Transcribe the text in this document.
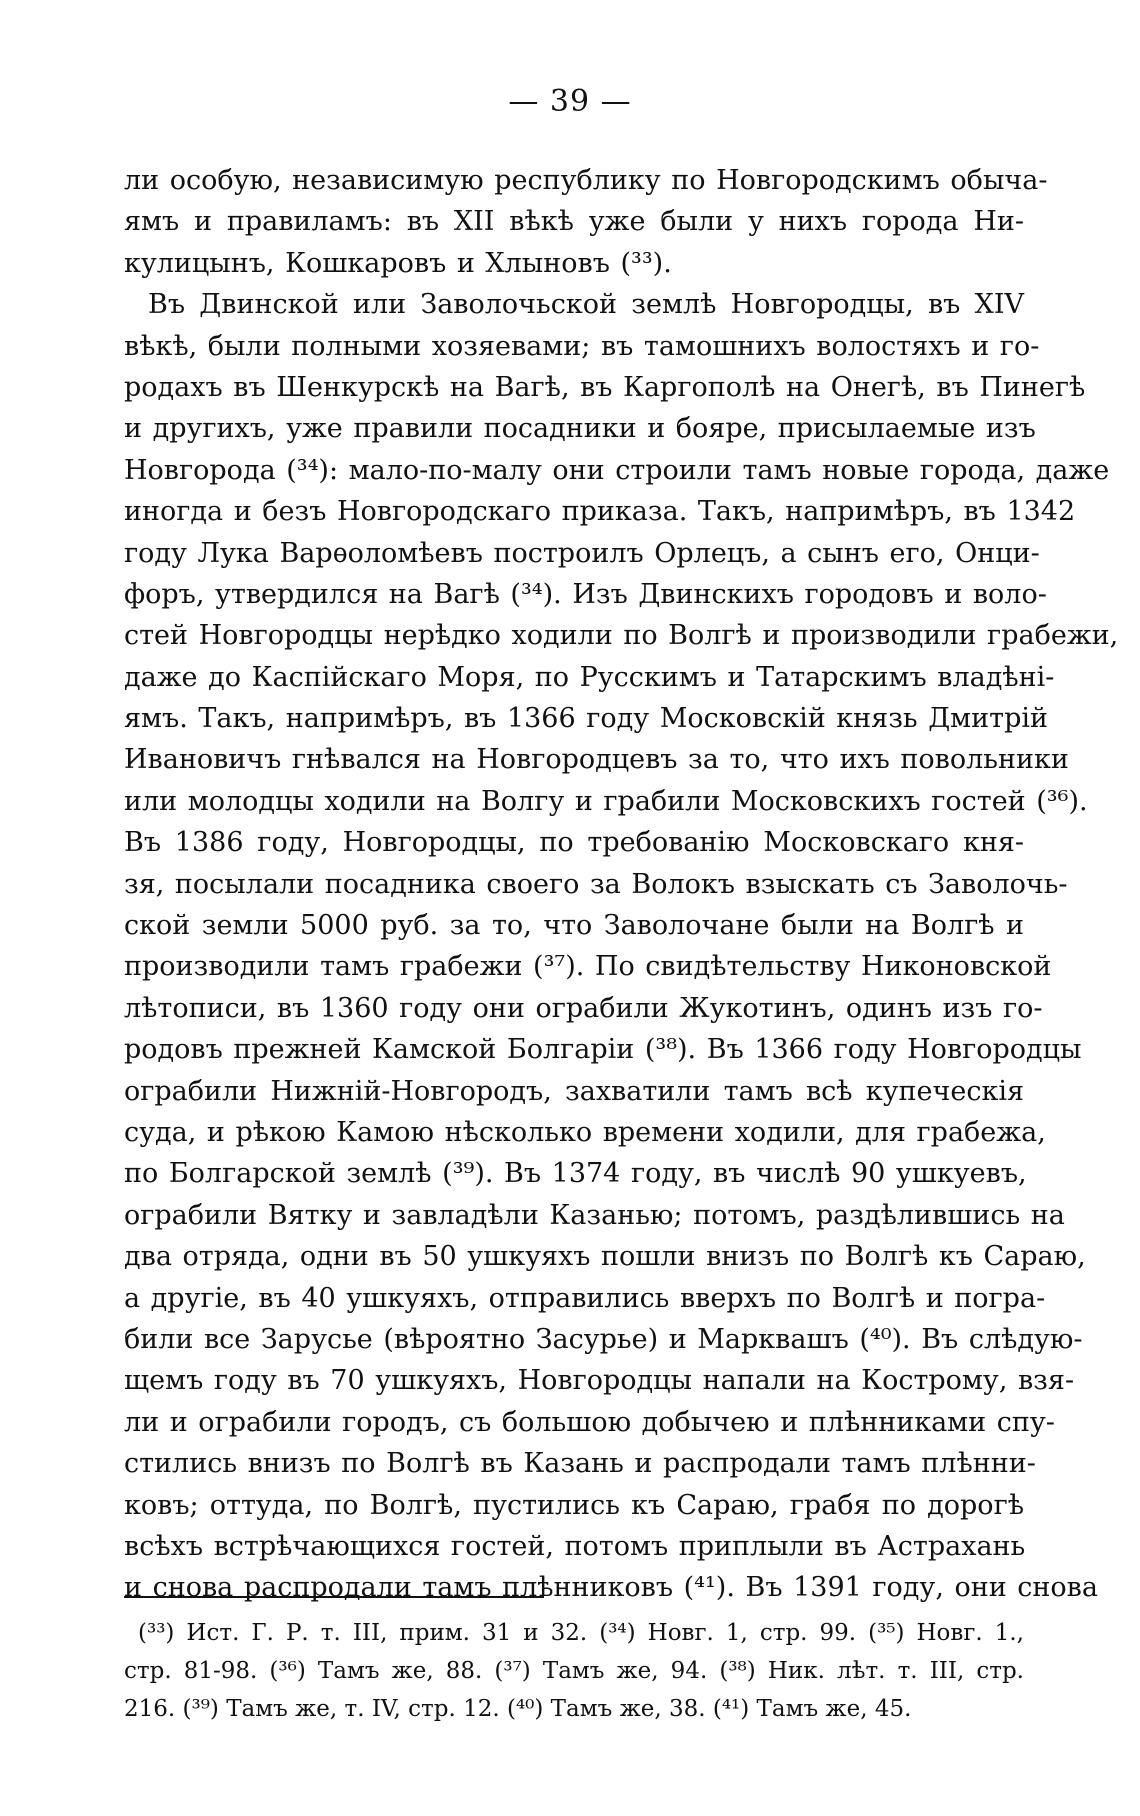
— 39 —
ли особую, независимую республику по Новгородскимъ обыча-
ямъ и правиламъ: въ XII вѣкѣ уже были у нихъ города Ни-
кулицынъ, Кошкаровъ и Хлыновъ (³³).
Въ Двинской или Заволочьской землѣ Новгородцы, въ XIV
вѣкѣ, были полными хозяевами; въ тамошнихъ волостяхъ и го-
родахъ въ Шенкурскѣ на Вагѣ, въ Каргополѣ на Онегѣ, въ Пинегѣ
и другихъ, уже правили посадники и бояре, присылаемые изъ
Новгорода (³⁴): мало-по-малу они строили тамъ новые города, даже
иногда и безъ Новгородскаго приказа. Такъ, напримѣръ, въ 1342
году Лука Варѳоломѣевъ построилъ Орлецъ, а сынъ его, Онци-
форъ, утвердился на Вагѣ (³⁴). Изъ Двинскихъ городовъ и воло-
стей Новгородцы нерѣдко ходили по Волгѣ и производили грабежи,
даже до Каспiйскаго Моря, по Русскимъ и Татарскимъ владѣнi-
ямъ. Такъ, напримѣръ, въ 1366 году Московскiй князь Дмитрiй
Ивановичъ гнѣвался на Новгородцевъ за то, что ихъ повольники
или молодцы ходили на Волгу и грабили Московскихъ гостей (³⁶).
Въ 1386 году, Новгородцы, по требованiю Московскаго кня-
зя, посылали посадника своего за Волокъ взыскать съ Заволочь-
ской земли 5000 руб. за то, что Заволочане были на Волгѣ и
производили тамъ грабежи (³⁷). По свидѣтельству Никоновской
лѣтописи, въ 1360 году они ограбили Жукотинъ, одинъ изъ го-
родовъ прежней Камской Болгарiи (³⁸). Въ 1366 году Новгородцы
ограбили Нижнiй-Новгородъ, захватили тамъ всѣ купеческiя
суда, и рѣкою Камою нѣсколько времени ходили, для грабежа,
по Болгарской землѣ (³⁹). Въ 1374 году, въ числѣ 90 ушкуевъ,
ограбили Вятку и завладѣли Казанью; потомъ, раздѣлившись на
два отряда, одни въ 50 ушкуяхъ пошли внизъ по Волгѣ къ Сараю,
а другiе, въ 40 ушкуяхъ, отправились вверхъ по Волгѣ и погра-
били все Зарусье (вѣроятно Засурье) и Марквашъ (⁴⁰). Въ слѣдую-
щемъ году въ 70 ушкуяхъ, Новгородцы напали на Кострому, взя-
ли и ограбили городъ, съ большою добычею и плѣнниками спу-
стились внизъ по Волгѣ въ Казань и распродали тамъ плѣнни-
ковъ; оттуда, по Волгѣ, пустились къ Сараю, грабя по дорогѣ
всѣхъ встрѣчающихся гостей, потомъ приплыли въ Астрахань
и снова распродали тамъ плѣнниковъ (⁴¹). Въ 1391 году, они снова
(³³) Ист. Г. Р. т. III, прим. 31 и 32. (³⁴) Новг. 1, стр. 99. (³⁵) Новг. 1.,
стр. 81-98. (³⁶) Тамъ же, 88. (³⁷) Тамъ же, 94. (³⁸) Ник. лѣт. т. III, стр.
216. (³⁹) Тамъ же, т. IV, стр. 12. (⁴⁰) Тамъ же, 38. (⁴¹) Тамъ же, 45.
